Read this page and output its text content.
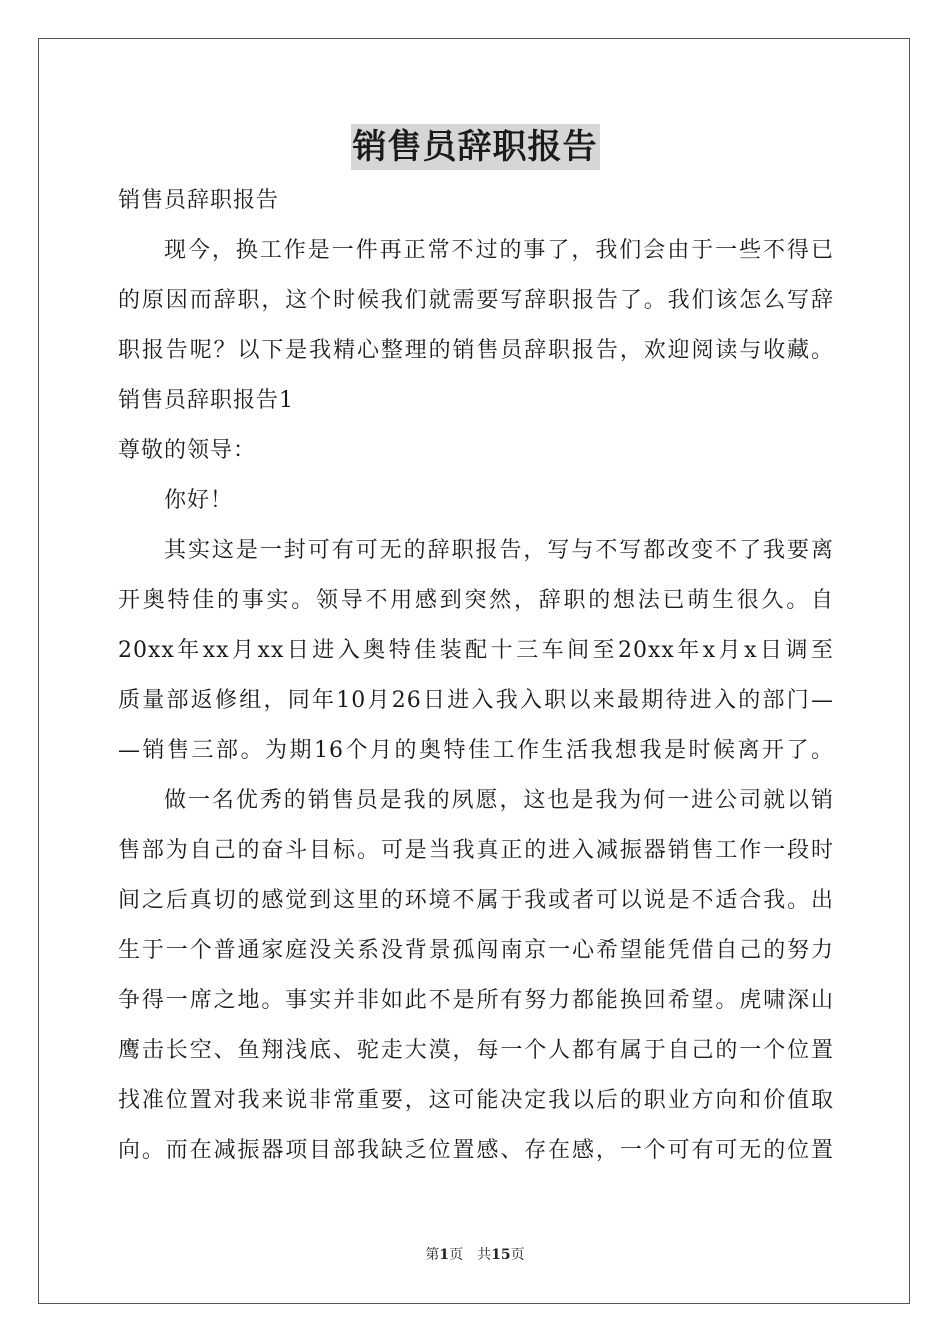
销售员辞职报告

销售员辞职报告

现今，换工作是一件再正常不过的事了，我们会由于一些不得已

的原因而辞职，这个时候我们就需要写辞职报告了。我们该怎么写辞

职报告呢？以下是我精心整理的销售员辞职报告，欢迎阅读与收藏。

销售员辞职报告1

尊敬的领导：

你好！

其实这是一封可有可无的辞职报告，写与不写都改变不了我要离

开奥特佳的事实。领导不用感到突然，辞职的想法已萌生很久。自

20xx年xx月xx日进入奥特佳装配十三车间至20xx年x月x日调至

质量部返修组，同年10月26日进入我入职以来最期待进入的部门—

—销售三部。为期16个月的奥特佳工作生活我想我是时候离开了。

做一名优秀的销售员是我的夙愿，这也是我为何一进公司就以销

售部为自己的奋斗目标。可是当我真正的进入减振器销售工作一段时

间之后真切的感觉到这里的环境不属于我或者可以说是不适合我。出

生于一个普通家庭没关系没背景孤闯南京一心希望能凭借自己的努力

争得一席之地。事实并非如此不是所有努力都能换回希望。虎啸深山

鹰击长空、鱼翔浅底、驼走大漠，每一个人都有属于自己的一个位置

找准位置对我来说非常重要，这可能决定我以后的职业方向和价值取

向。而在减振器项目部我缺乏位置感、存在感，一个可有可无的位置

第1页　共15页
